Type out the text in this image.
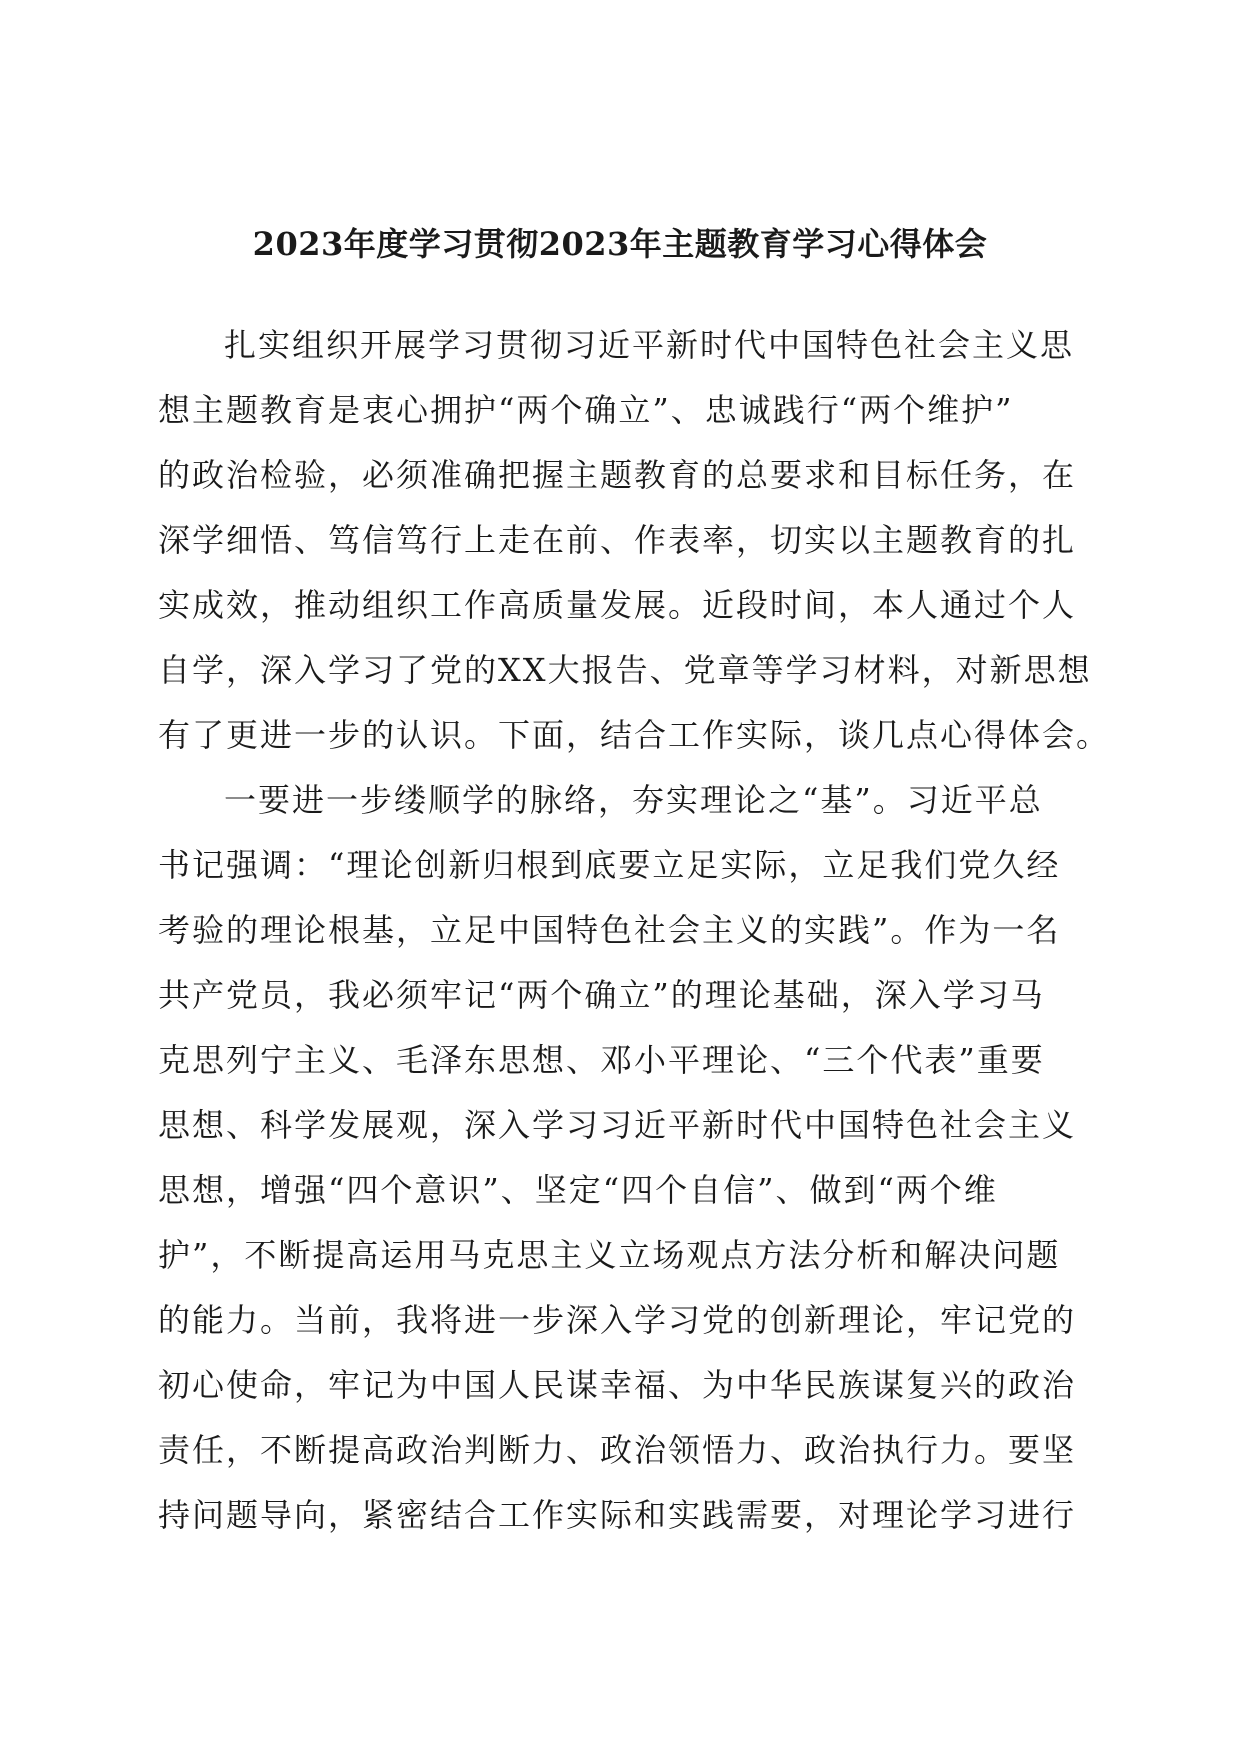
2023年度学习贯彻2023年主题教育学习心得体会
扎实组织开展学习贯彻习近平新时代中国特色社会主义思
想主题教育是衷心拥护“两个确立”、忠诚践行“两个维护”
的政治检验，必须准确把握主题教育的总要求和目标任务，在
深学细悟、笃信笃行上走在前、作表率，切实以主题教育的扎
实成效，推动组织工作高质量发展。近段时间，本人通过个人
自学，深入学习了党的XX大报告、党章等学习材料，对新思想
有了更进一步的认识。下面，结合工作实际，谈几点心得体会。
一要进一步缕顺学的脉络，夯实理论之“基”。习近平总
书记强调：“理论创新归根到底要立足实际，立足我们党久经
考验的理论根基，立足中国特色社会主义的实践”。作为一名
共产党员，我必须牢记“两个确立”的理论基础，深入学习马
克思列宁主义、毛泽东思想、邓小平理论、“三个代表”重要
思想、科学发展观，深入学习习近平新时代中国特色社会主义
思想，增强“四个意识”、坚定“四个自信”、做到“两个维
护”，不断提高运用马克思主义立场观点方法分析和解决问题
的能力。当前，我将进一步深入学习党的创新理论，牢记党的
初心使命，牢记为中国人民谋幸福、为中华民族谋复兴的政治
责任，不断提高政治判断力、政治领悟力、政治执行力。要坚
持问题导向，紧密结合工作实际和实践需要，对理论学习进行
